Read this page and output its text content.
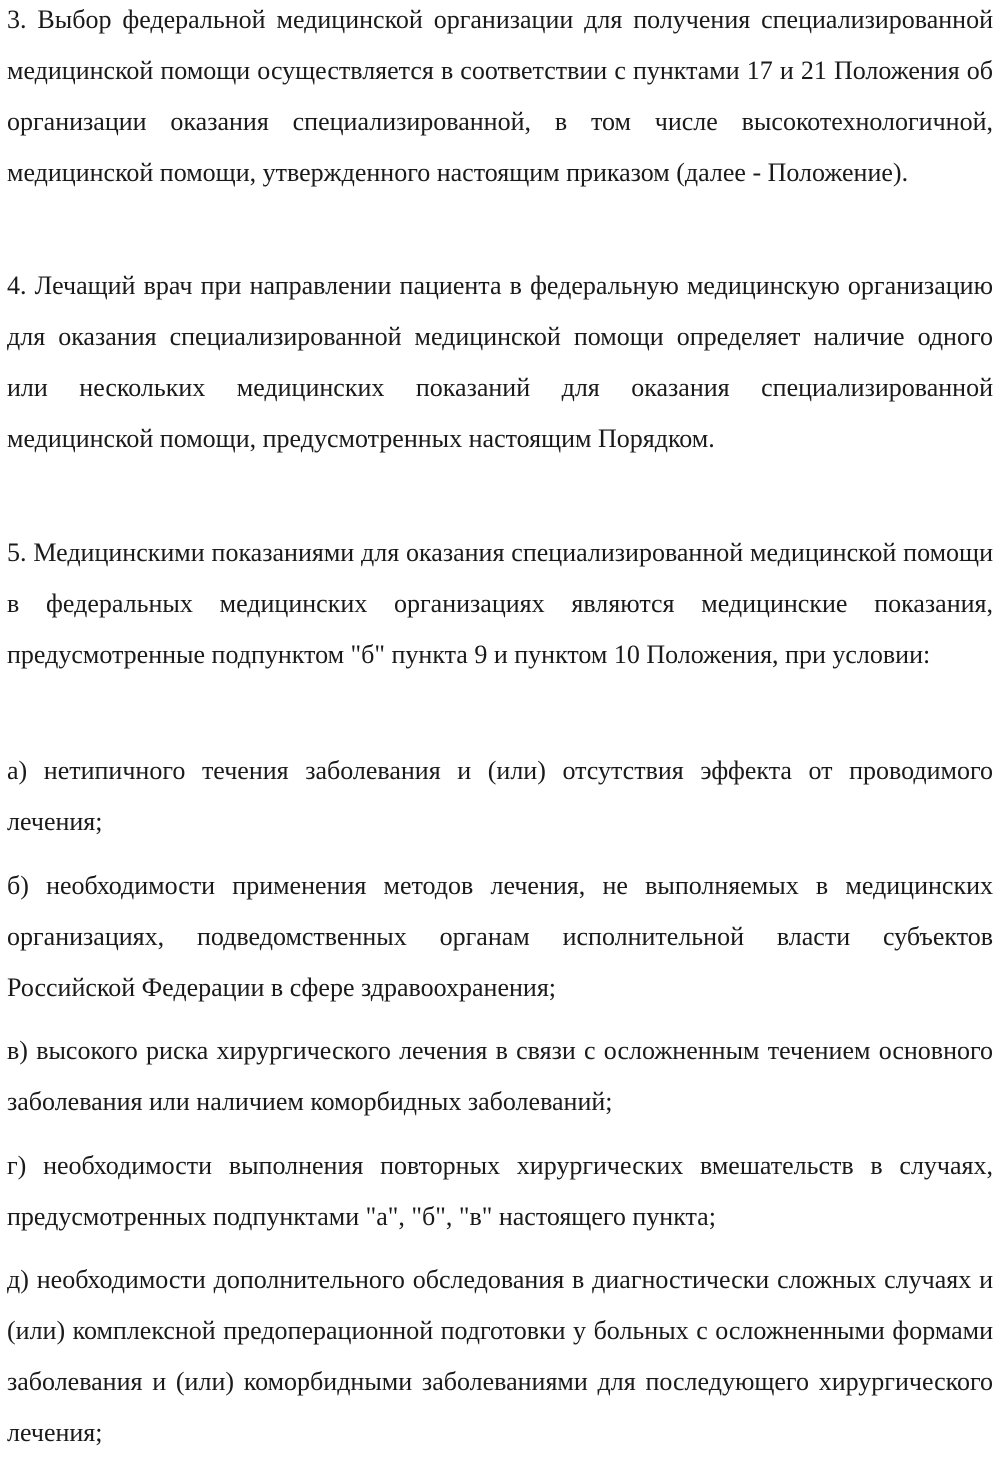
3. Выбор федеральной медицинской организации для получения специализированной медицинской помощи осуществляется в соответствии с пунктами 17 и 21 Положения об организации оказания специализированной, в том числе высокотехнологичной, медицинской помощи, утвержденного настоящим приказом (далее - Положение).

4. Лечащий врач при направлении пациента в федеральную медицинскую организацию для оказания специализированной медицинской помощи определяет наличие одного или нескольких медицинских показаний для оказания специализированной медицинской помощи, предусмотренных настоящим Порядком.

5. Медицинскими показаниями для оказания специализированной медицинской помощи в федеральных медицинских организациях являются медицинские показания, предусмотренные подпунктом "б" пункта 9 и пунктом 10 Положения, при условии:

а) нетипичного течения заболевания и (или) отсутствия эффекта от проводимого лечения;

б) необходимости применения методов лечения, не выполняемых в медицинских организациях, подведомственных органам исполнительной власти субъектов Российской Федерации в сфере здравоохранения;

в) высокого риска хирургического лечения в связи с осложненным течением основного заболевания или наличием коморбидных заболеваний;

г) необходимости выполнения повторных хирургических вмешательств в случаях, предусмотренных подпунктами "а", "б", "в" настоящего пункта;

д) необходимости дополнительного обследования в диагностически сложных случаях и (или) комплексной предоперационной подготовки у больных с осложненными формами заболевания и (или) коморбидными заболеваниями для последующего хирургического лечения;
